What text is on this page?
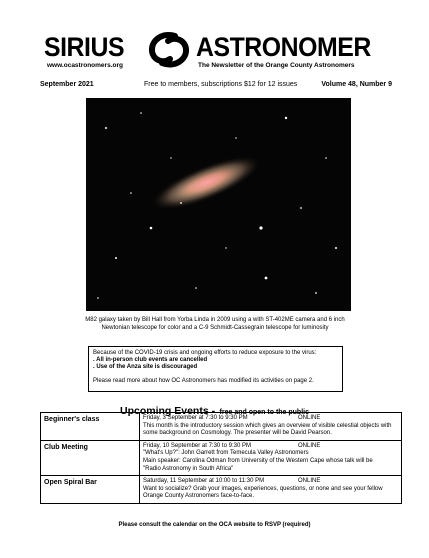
SIRIUS	ASTRONOMER
www.ocastronomers.org	The Newsletter of the Orange County Astronomers
September 2021	Free to members, subscriptions $12 for 12 issues	Volume 48, Number 9
M82 galaxy taken by Bill Hall from Yorba Linda in 2009 using a with ST-402ME camera and 6 inch
Newtonian telescope for color and a C-9 Schmidt-Cassegrain telescope for luminosity
Because of the COVID-19 crisis and ongoing efforts to reduce exposure to the virus:
. All in-person club events are cancelled
. Use of the Anza site is discouraged
Please read more about how OC Astronomers has modified its activities on page 2.
Upcoming Events - free and open to the public
Beginner's class	Friday, 3 September at 7:30 to 9:30 PM ONLINE
This month is the introductory session which gives an overview of visible celestial objects with
some background on Cosmology. The presenter will be David Pearson.

Club Meeting	Friday, 10 September at 7:30 to 9:30 PM ONLINE
"What's Up?": John Garrett from Temecula Valley Astronomers
Main speaker: Carolina Odman from University of the Western Cape whose talk will be
"Radio Astronomy in South Africa"

Open Spiral Bar	Saturday, 11 September at 10:00 to 11:30 PM ONLINE
Want to socialize? Grab your images, experiences, questions, or none and see your fellow
Orange County Astronomers face-to-face.
Please consult the calendar on the OCA website to RSVP (required)
